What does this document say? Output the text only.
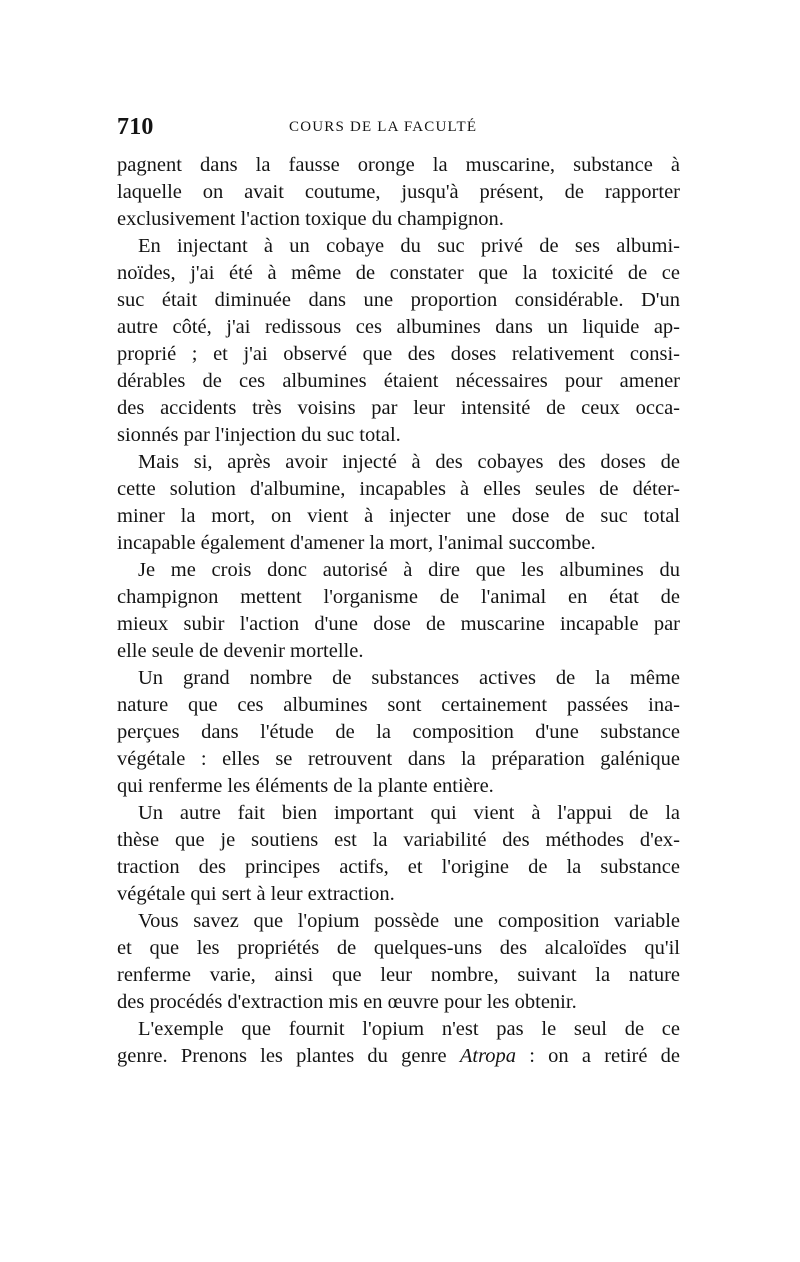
710	COURS DE LA FACULTÉ
pagnent dans la fausse oronge la muscarine, substance à
laquelle on avait coutume, jusqu'à présent, de rapporter
exclusivement l'action toxique du champignon.
En injectant à un cobaye du suc privé de ses albumi-
noïdes, j'ai été à même de constater que la toxicité de ce
suc était diminuée dans une proportion considérable. D'un
autre côté, j'ai redissous ces albumines dans un liquide ap-
proprié ; et j'ai observé que des doses relativement consi-
dérables de ces albumines étaient nécessaires pour amener
des accidents très voisins par leur intensité de ceux occa-
sionnés par l'injection du suc total.
Mais si, après avoir injecté à des cobayes des doses de
cette solution d'albumine, incapables à elles seules de déter-
miner la mort, on vient à injecter une dose de suc total
incapable également d'amener la mort, l'animal succombe.
Je me crois donc autorisé à dire que les albumines du
champignon mettent l'organisme de l'animal en état de
mieux subir l'action d'une dose de muscarine incapable par
elle seule de devenir mortelle.
Un grand nombre de substances actives de la même
nature que ces albumines sont certainement passées ina-
perçues dans l'étude de la composition d'une substance
végétale : elles se retrouvent dans la préparation galénique
qui renferme les éléments de la plante entière.
Un autre fait bien important qui vient à l'appui de la
thèse que je soutiens est la variabilité des méthodes d'ex-
traction des principes actifs, et l'origine de la substance
végétale qui sert à leur extraction.
Vous savez que l'opium possède une composition variable
et que les propriétés de quelques-uns des alcaloïdes qu'il
renferme varie, ainsi que leur nombre, suivant la nature
des procédés d'extraction mis en œuvre pour les obtenir.
L'exemple que fournit l'opium n'est pas le seul de ce
genre. Prenons les plantes du genre Atropa : on a retiré de
